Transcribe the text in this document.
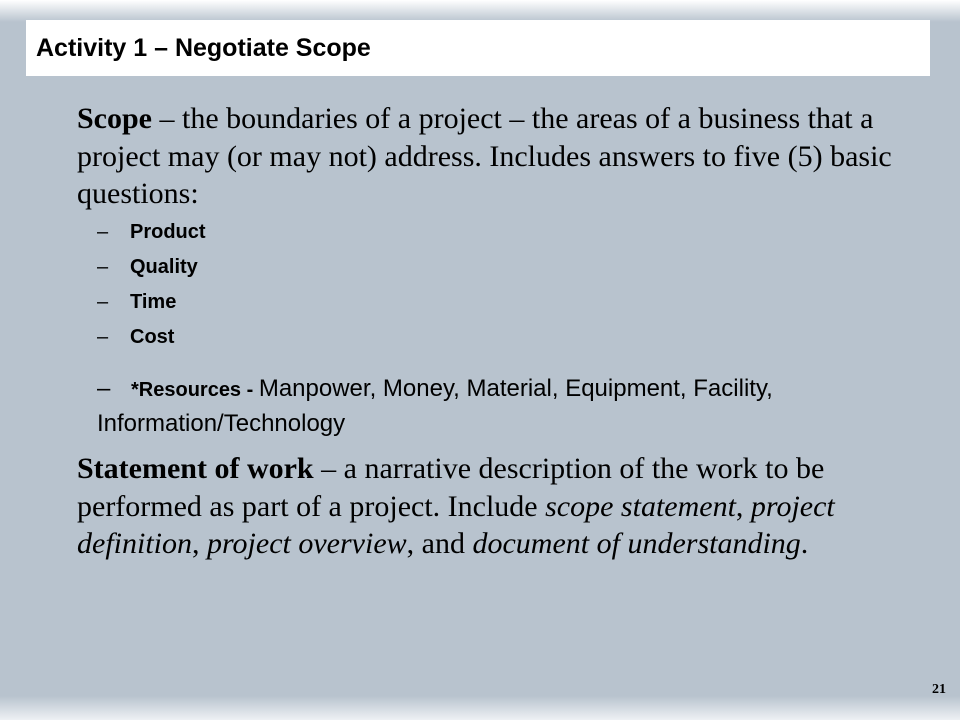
Activity 1 – Negotiate Scope

Scope – the boundaries of a project – the areas of a business that a project may (or may not) address. Includes answers to five (5) basic questions:

– Product
– Quality
– Time
– Cost
– *Resources - Manpower, Money, Material, Equipment, Facility, Information/Technology

Statement of work – a narrative description of the work to be performed as part of a project. Include scope statement, project definition, project overview, and document of understanding.

21
